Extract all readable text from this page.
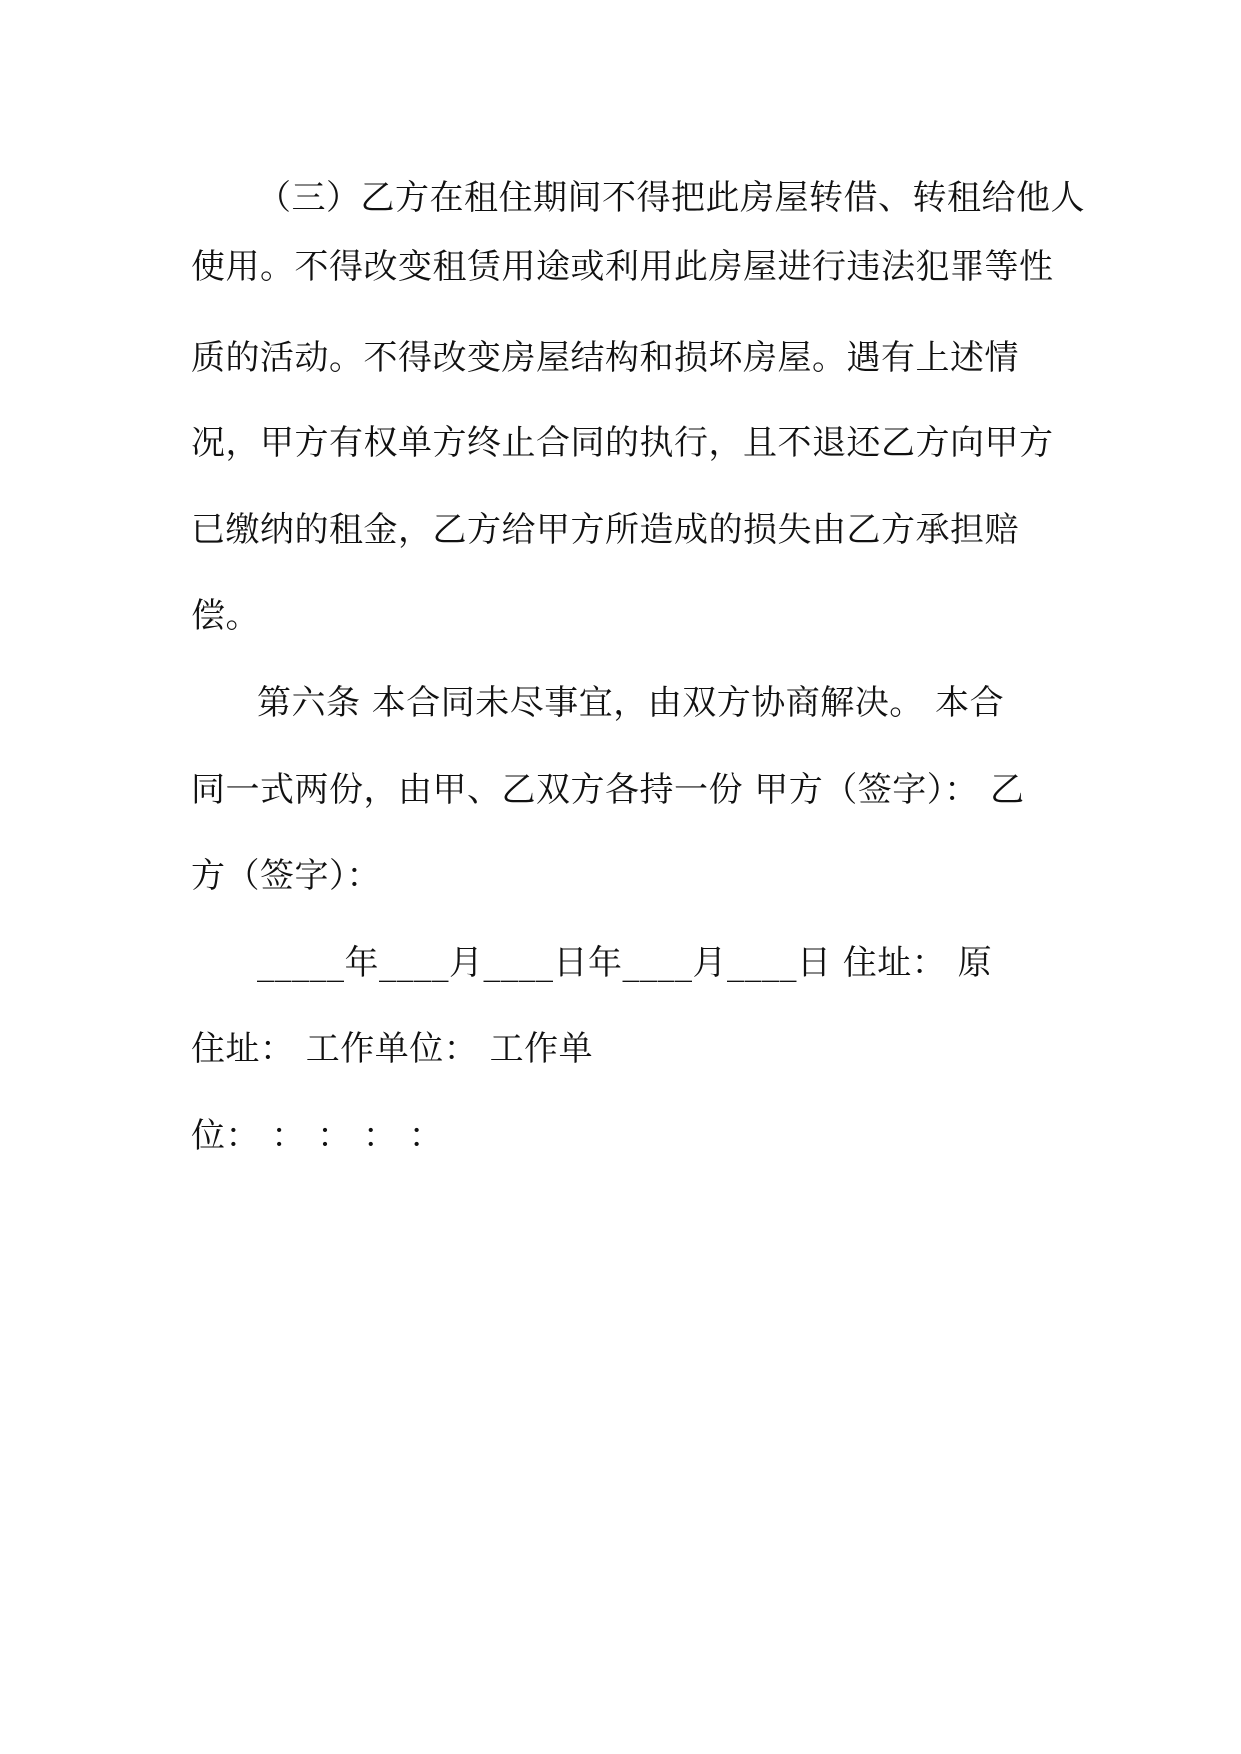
（三）乙方在租住期间不得把此房屋转借、转租给他人
使用。不得改变租赁用途或利用此房屋进行违法犯罪等性
质的活动。不得改变房屋结构和损坏房屋。遇有上述情
况，甲方有权单方终止合同的执行，且不退还乙方向甲方
已缴纳的租金，乙方给甲方所造成的损失由乙方承担赔
偿。
第六条 本合同未尽事宜，由双方协商解决。 本合
同一式两份，由甲、乙双方各持一份 甲方（签字）： 乙
方（签字）：
_____年____月____日年____月____日 住址： 原
住址： 工作单位： 工作单
位： ： ： ： ：
